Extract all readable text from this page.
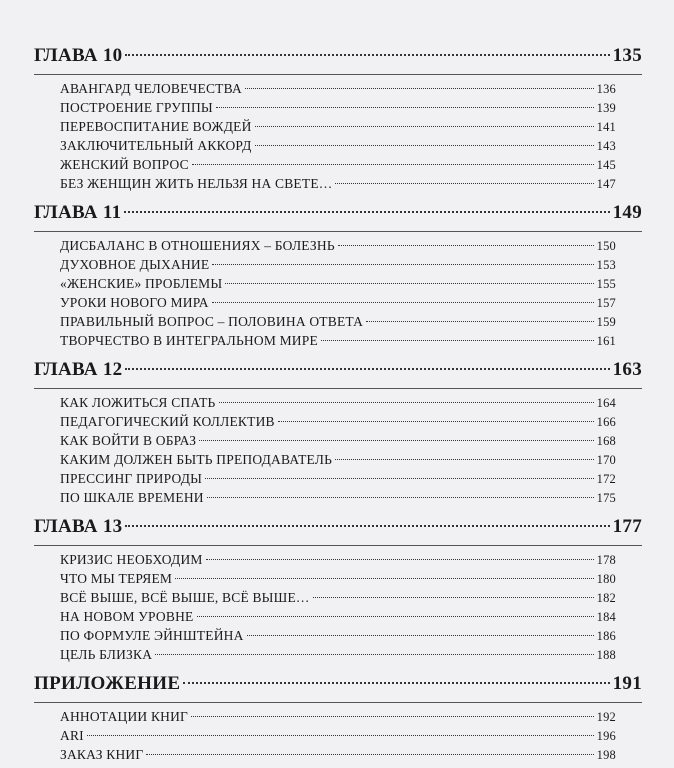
ГЛАВА 10	135
АВАНГАРД ЧЕЛОВЕЧЕСТВА	136
ПОСТРОЕНИЕ ГРУППЫ	139
ПЕРЕВОСПИТАНИЕ ВОЖДЕЙ	141
ЗАКЛЮЧИТЕЛЬНЫЙ АККОРД	143
ЖЕНСКИЙ ВОПРОС	145
БЕЗ ЖЕНЩИН ЖИТЬ НЕЛЬЗЯ НА СВЕТЕ…	147
ГЛАВА 11	149
ДИСБАЛАНС В ОТНОШЕНИЯХ – БОЛЕЗНЬ	150
ДУХОВНОЕ ДЫХАНИЕ	153
«ЖЕНСКИЕ» ПРОБЛЕМЫ	155
УРОКИ НОВОГО МИРА	157
ПРАВИЛЬНЫЙ ВОПРОС – ПОЛОВИНА ОТВЕТА	159
ТВОРЧЕСТВО В ИНТЕГРАЛЬНОМ МИРЕ	161
ГЛАВА 12	163
КАК ЛОЖИТЬСЯ СПАТЬ	164
ПЕДАГОГИЧЕСКИЙ КОЛЛЕКТИВ	166
КАК ВОЙТИ В ОБРАЗ	168
КАКИМ ДОЛЖЕН БЫТЬ ПРЕПОДАВАТЕЛЬ	170
ПРЕССИНГ ПРИРОДЫ	172
ПО ШКАЛЕ ВРЕМЕНИ	175
ГЛАВА 13	177
КРИЗИС НЕОБХОДИМ	178
ЧТО МЫ ТЕРЯЕМ	180
ВСЁ ВЫШЕ, ВСЁ ВЫШЕ, ВСЁ ВЫШЕ…	182
НА НОВОМ УРОВНЕ	184
ПО ФОРМУЛЕ ЭЙНШТЕЙНА	186
ЦЕЛЬ БЛИЗКА	188
ПРИЛОЖЕНИЕ	191
АННОТАЦИИ КНИГ	192
ARI	196
ЗАКАЗ КНИГ	198
